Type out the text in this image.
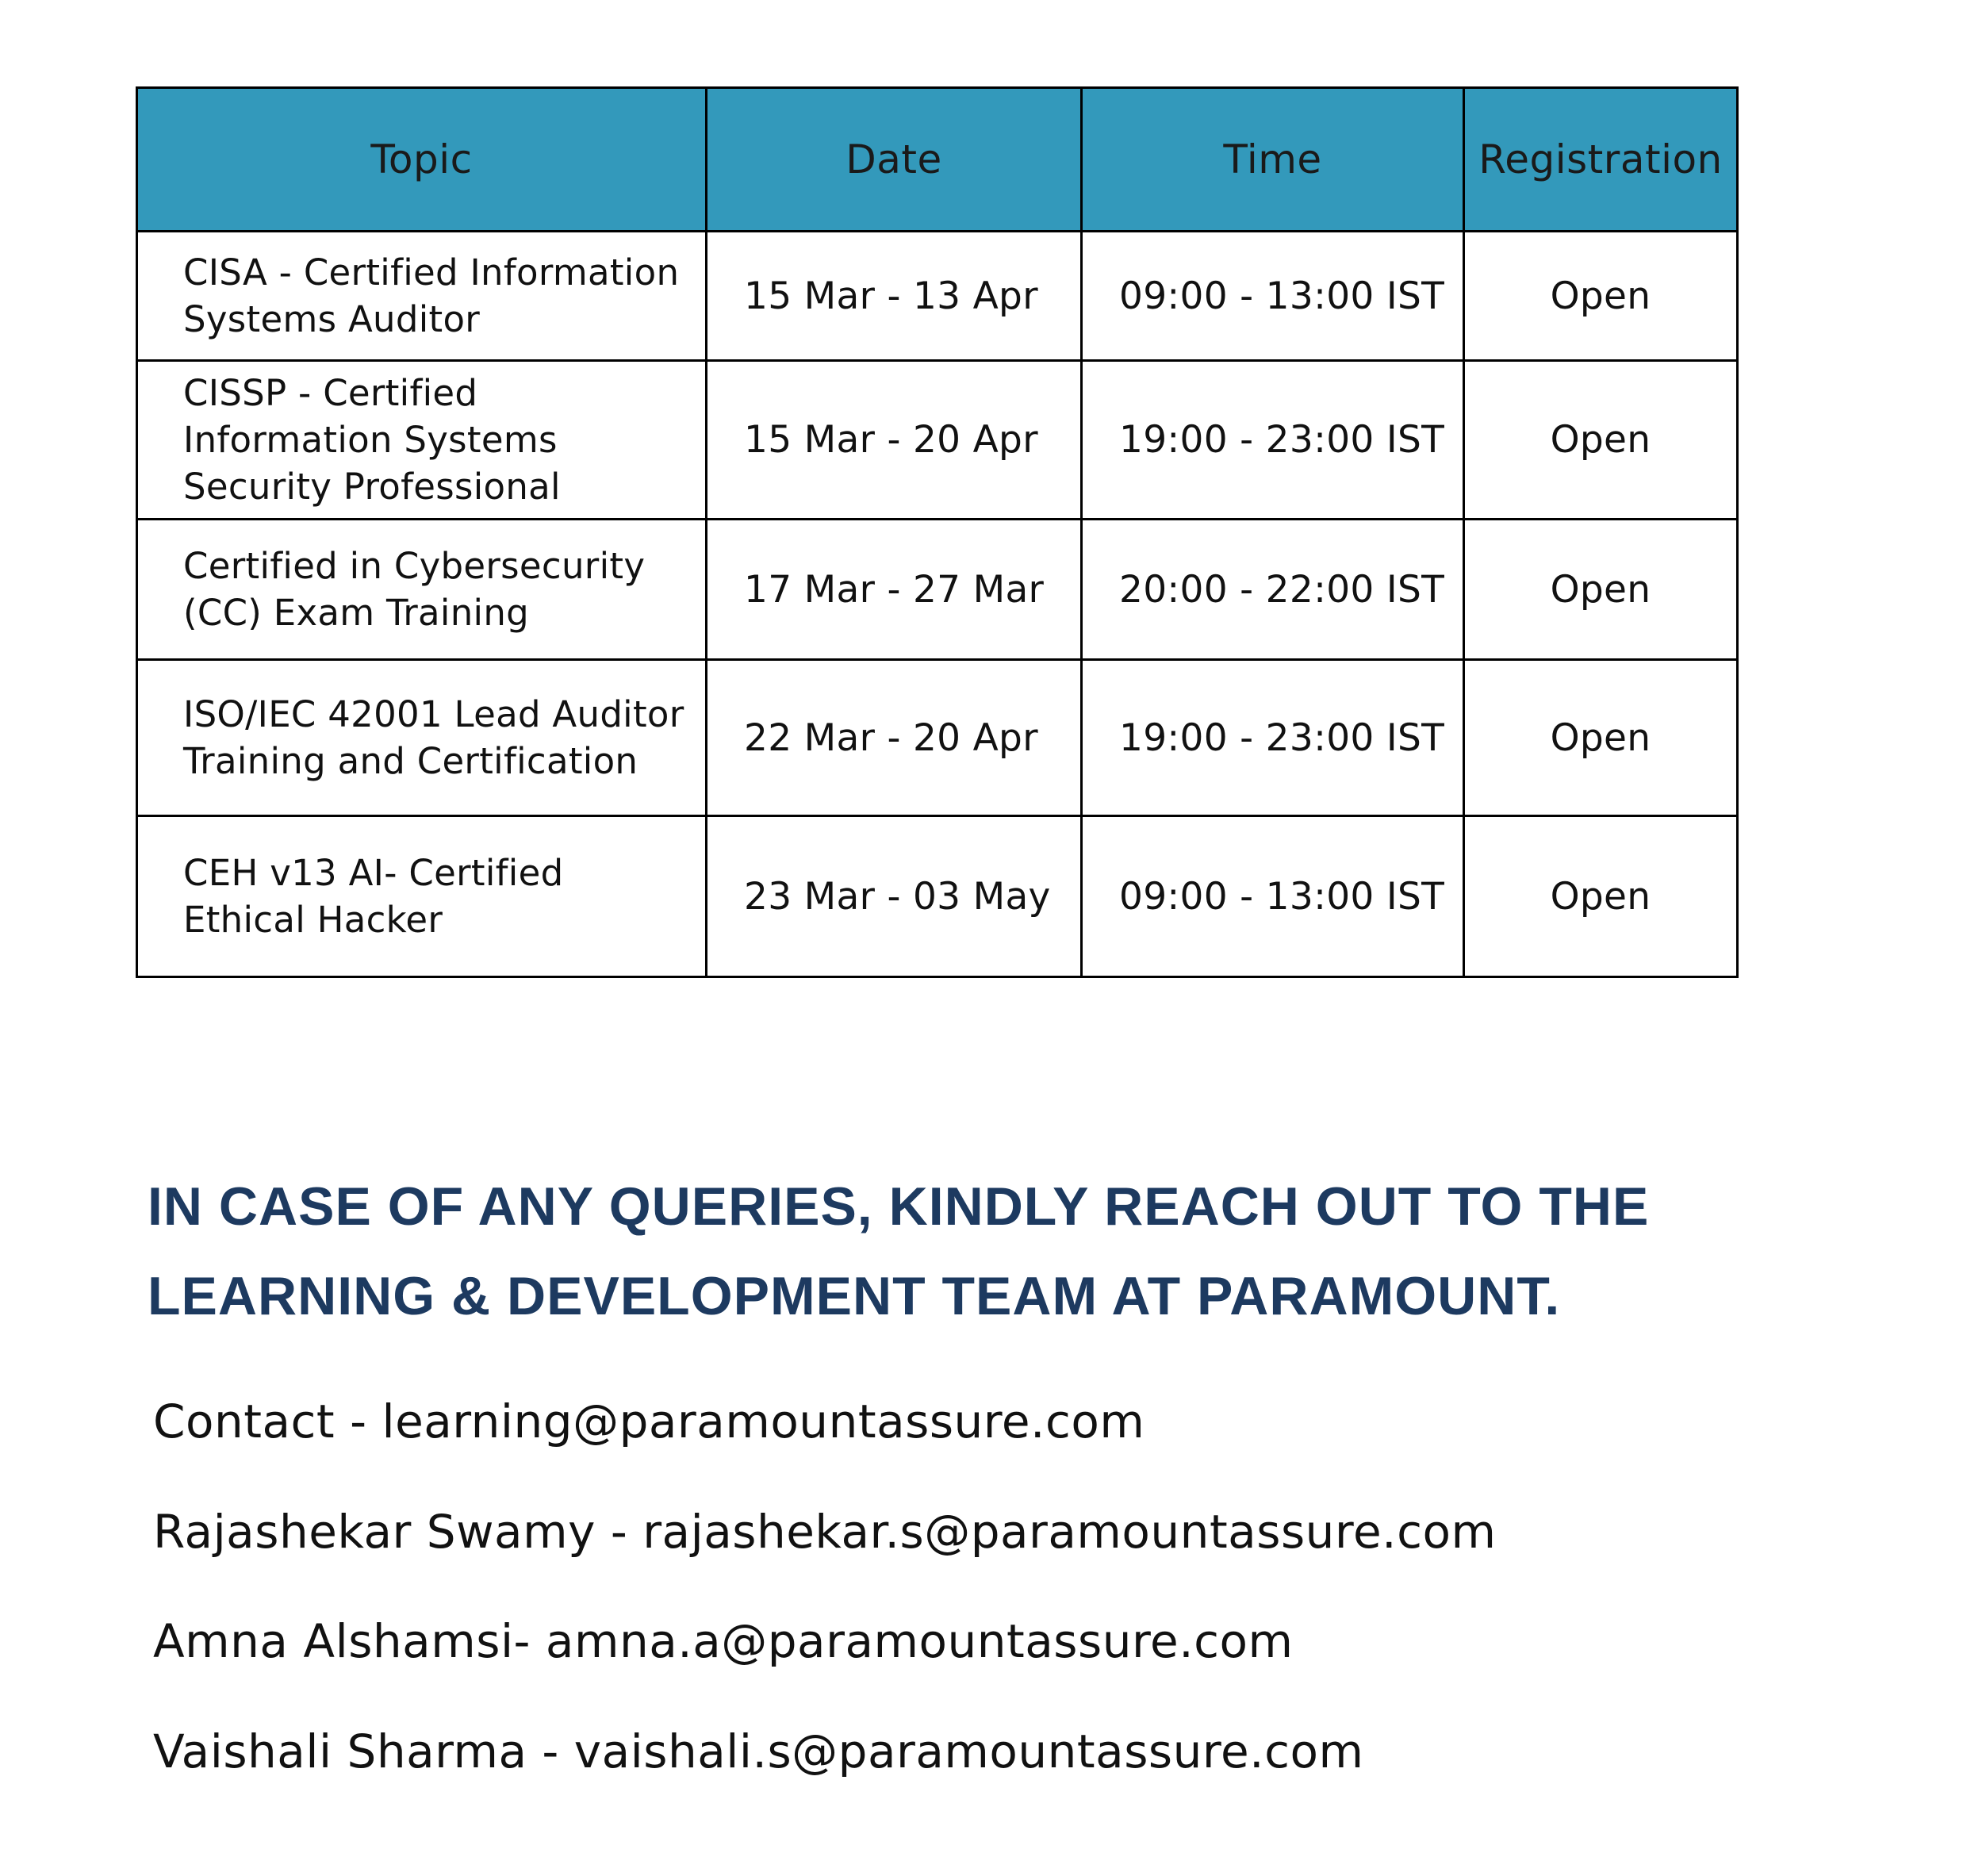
Topic	Date	Time	Registration
CISA - Certified Information
Systems Auditor	15 Mar - 13 Apr	09:00 - 13:00 IST	Open
CISSP - Certified
Information Systems
Security Professional	15 Mar - 20 Apr	19:00 - 23:00 IST	Open
Certified in Cybersecurity
(CC) Exam Training	17 Mar - 27 Mar	20:00 - 22:00 IST	Open
ISO/IEC 42001 Lead Auditor
Training and Certification	22 Mar - 20 Apr	19:00 - 23:00 IST	Open
CEH v13 AI- Certified
Ethical Hacker	23 Mar - 03 May	09:00 - 13:00 IST	Open
IN CASE OF ANY QUERIES, KINDLY REACH OUT TO THE
LEARNING & DEVELOPMENT TEAM AT PARAMOUNT.
Contact - learning@paramountassure.com
Rajashekar Swamy - rajashekar.s@paramountassure.com
Amna Alshamsi- amna.a@paramountassure.com
Vaishali Sharma - vaishali.s@paramountassure.com
